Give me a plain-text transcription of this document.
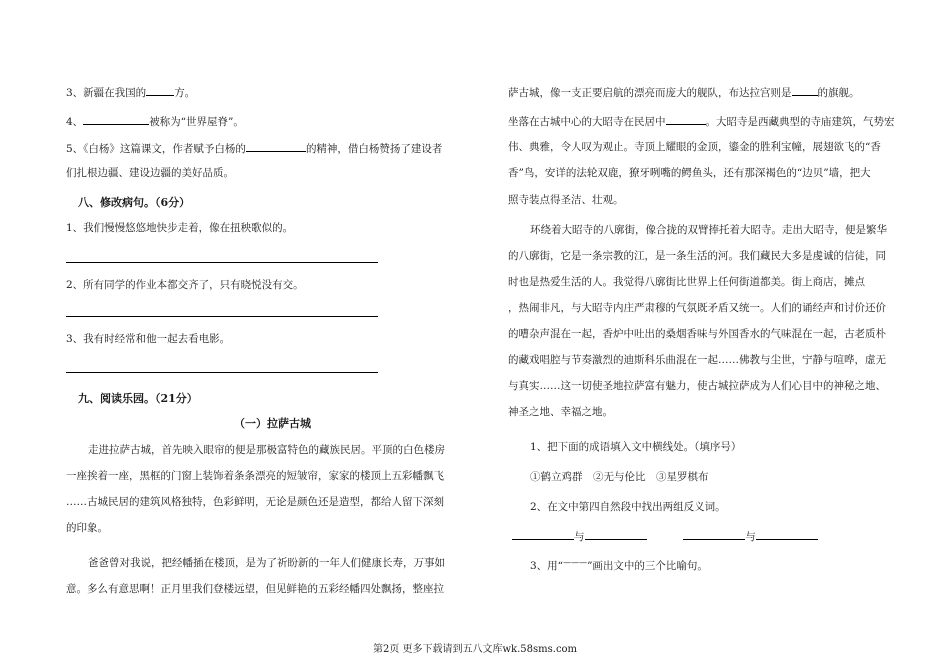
3、新疆在我国的	方。
4、	被称为“世界屋脊”。
5、《白杨》这篇课文，作者赋予白杨的	的精神，借白杨赞扬了建设者
们扎根边疆、建设边疆的美好品质。
八、修改病句。（6分）
1、我们慢慢悠悠地快步走着，像在扭秧歌似的。
2、所有同学的作业本都交齐了，只有晓悦没有交。
3、我有时经常和他一起去看电影。
九、阅读乐园。（21分）
（一）拉萨古城
走进拉萨古城，首先映入眼帘的便是那极富特色的藏族民居。平顶的白色楼房
一座挨着一座，黑框的门窗上装饰着条条漂亮的短皱帘，家家的楼顶上五彩幡飘飞
……古城民居的建筑风格独特，色彩鲜明，无论是颜色还是造型，都给人留下深刻
的印象。
爸爸曾对我说，把经幡插在楼顶，是为了祈盼新的一年人们健康长寿，万事如
意。多么有意思啊！正月里我们登楼远望，但见鲜艳的五彩经幡四处飘扬，整座拉
萨古城，像一支正要启航的漂亮而庞大的舰队，布达拉宫则是 的旗舰。
坐落在古城中心的大昭寺在民居中	。大昭寺是西藏典型的寺庙建筑，气势宏
伟、典雅，令人叹为观止。寺顶上耀眼的金顶，鎏金的胜利宝幢，展翅欲飞的“香
香”鸟，安详的法轮双鹿，獠牙咧嘴的鳄鱼头，还有那深褐色的“边贝”墙，把大
照寺装点得圣洁、壮观。
环绕着大昭寺的八廓街，像合拢的双臂捧托着大昭寺。走出大昭寺，便是繁华
的八廓街，它是一条宗教的江，是一条生活的河。我们藏民大多是虔诚的信徒，同
时也是热爱生活的人。我觉得八廓街比世界上任何街道都美。街上商店，摊点
，热闹非凡，与大昭寺内庄严肃穆的气氛既矛盾又统一。人们的诵经声和讨价还价
的嘈杂声混在一起，香炉中吐出的桑烟香味与外国香水的气味混在一起，古老质朴
的藏戏唱腔与节奏激烈的迪斯科乐曲混在一起……佛教与尘世，宁静与喧哗，虚无
与真实……这一切使圣地拉萨富有魅力，使古城拉萨成为人们心目中的神秘之地、
神圣之地、幸福之地。
1、把下面的成语填入文中横线处。（填序号）
①鹤立鸡群　②无与伦比　③星罗棋布
2、在文中第四自然段中找出两组反义词。
与	与
3、用“———”画出文中的三个比喻句。
第2页 更多下载请到五八文库wk.58sms.com
